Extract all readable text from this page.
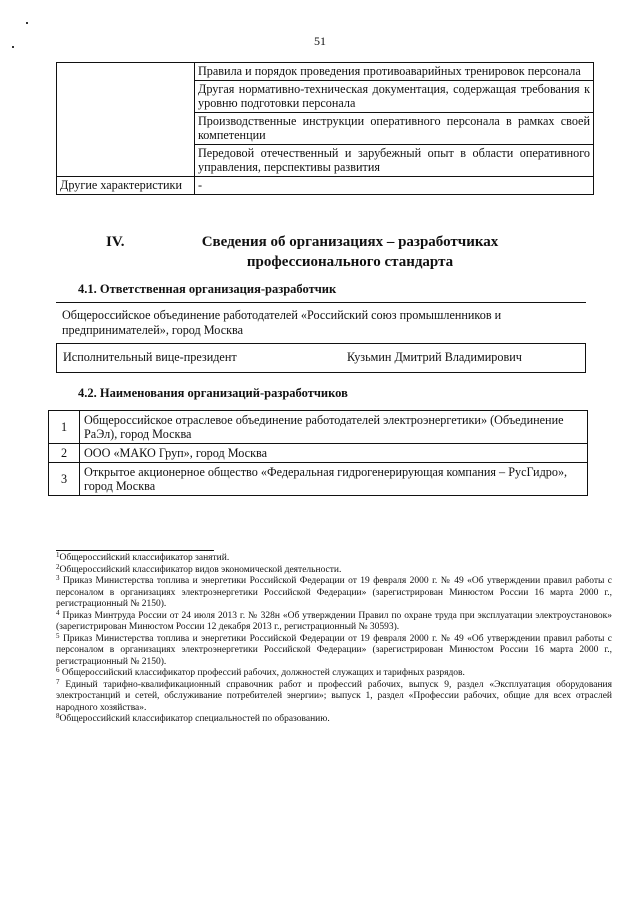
51
	Правила и порядок проведения противоаварийных тренировок персонала
	Другая нормативно-техническая документация, содержащая требования к уровню подготовки персонала
	Производственные инструкции оперативного персонала в рамках своей компетенции
	Передовой отечественный и зарубежный опыт в области оперативного управления, перспективы развития
Другие характеристики	-
IV.	Сведения об организациях – разработчиках профессионального стандарта
4.1. Ответственная организация-разработчик
Общероссийское объединение работодателей «Российский союз промышленников и предпринимателей», город Москва
Исполнительный вице-президент	Кузьмин Дмитрий Владимирович
4.2. Наименования организаций-разработчиков
1	Общероссийское отраслевое объединение работодателей электроэнергетики» (Объединение РаЭл), город Москва
2	ООО «МАКО Груп», город Москва
3	Открытое акционерное общество «Федеральная гидрогенерирующая компания – РусГидро», город Москва

$^1$Общероссийский классификатор занятий.

$^2$Общероссийский классификатор видов экономической деятельности.

$^3$ Приказ Министерства топлива и энергетики Российской Федерации от 19 февраля 2000 г. № 49 «Об утверждении правил работы с персоналом в организациях электроэнергетики Российской Федерации» (зарегистрирован Минюстом России 16 марта 2000 г., регистрационный № 2150).

$^4$ Приказ Минтруда России от 24 июля 2013 г. № 328н «Об утверждении Правил по охране труда при эксплуатации электроустановок» (зарегистрирован Минюстом России 12 декабря 2013 г., регистрационный № 30593).

$^5$ Приказ Министерства топлива и энергетики Российской Федерации от 19 февраля 2000 г. № 49 «Об утверждении правил работы с персоналом в организациях электроэнергетики Российской Федерации» (зарегистрирован Минюстом России 16 марта 2000 г., регистрационный № 2150).

$^6$ Общероссийский классификатор профессий рабочих, должностей служащих и тарифных разрядов.

$^7$ Единый тарифно-квалификационный справочник работ и профессий рабочих, выпуск 9, раздел «Эксплуатация оборудования электростанций и сетей, обслуживание потребителей энергии»; выпуск 1, раздел «Профессии рабочих, общие для всех отраслей народного хозяйства».

$^8$Общероссийский классификатор специальностей по образованию.
